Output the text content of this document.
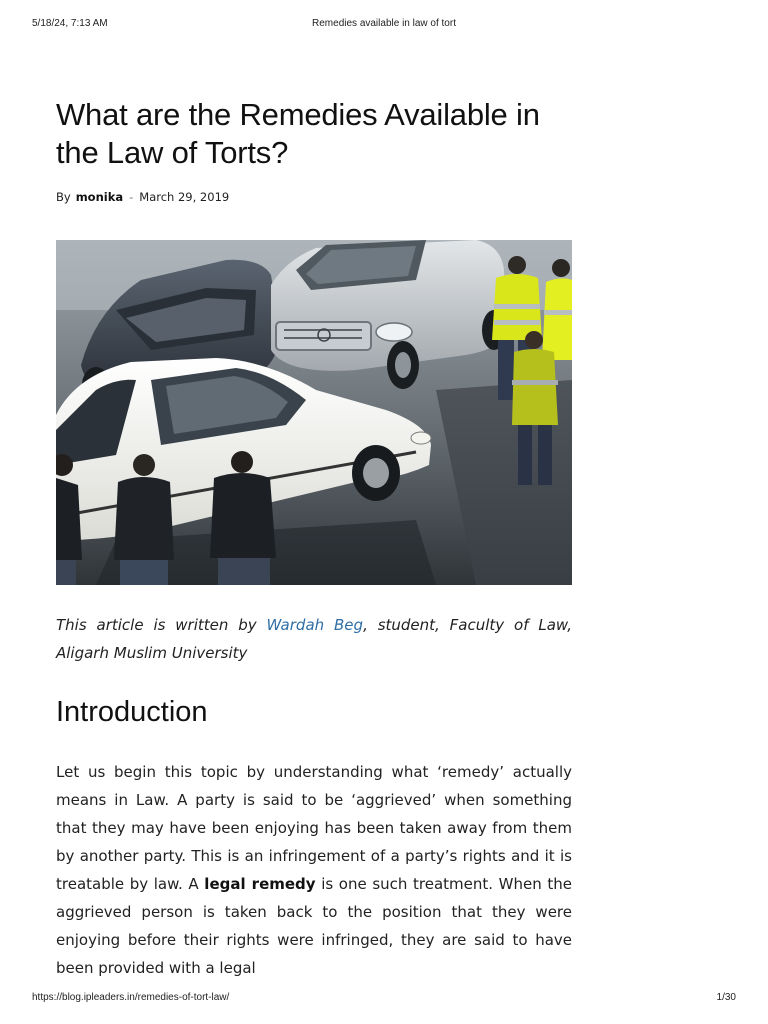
5/18/24, 7:13 AM	Remedies available in law of tort
What are the Remedies Available in the Law of Torts?
By monika - March 29, 2019
This article is written by Wardah Beg, student, Faculty of Law, Aligarh Muslim University
Introduction

Let us begin this topic by understanding what ‘remedy’ actually means in Law. A party is said to be ‘aggrieved’ when something that they may have been enjoying has been taken away from them by another party. This is an infringement of a party’s rights and it is treatable by law. A legal remedy is one such treatment. When the aggrieved person is taken back to the position that they were enjoying before their rights were infringed, they are said to have been provided with a legal

https://blog.ipleaders.in/remedies-of-tort-law/	1/30
